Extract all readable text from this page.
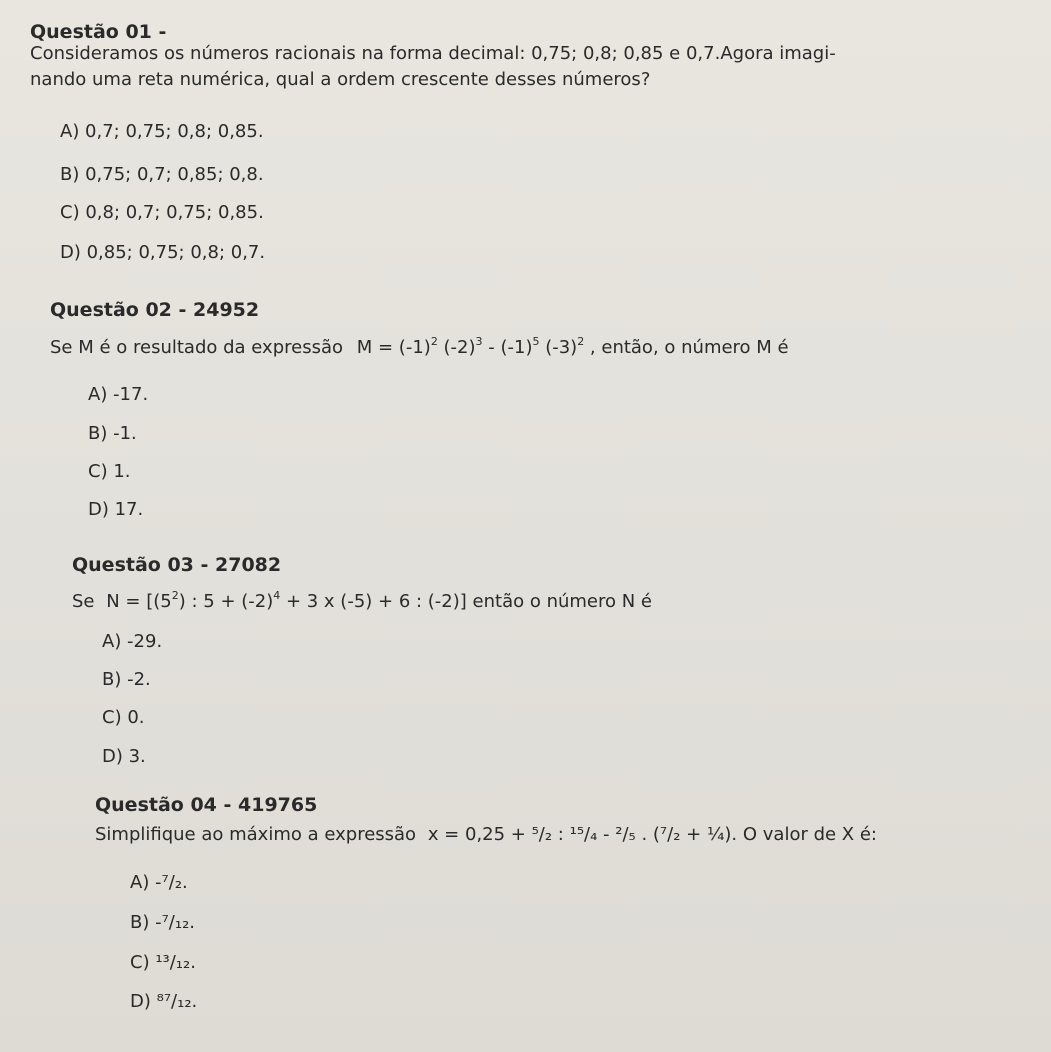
Questão 01 -
Consideramos os números racionais na forma decimal: 0,75; 0,8; 0,85 e 0,7.Agora imagi-
nando uma reta numérica, qual a ordem crescente desses números?
A) 0,7; 0,75; 0,8; 0,85.
B) 0,75; 0,7; 0,85; 0,8.
C) 0,8; 0,7; 0,75; 0,85.
D) 0,85; 0,75; 0,8; 0,7.
Questão 02 - 24952
Se M é o resultado da expressão $M = (-1)^2$ $(-2)^3 - (-1)^5$ $(-3)^2$ , então, o número M é
A) -17.
B) -1.
C) 1.
D) 17.
Questão 03 - 27082
Se $N = [(5^2)$ : $5 + (-2)^4 + 3$ x (-5) + 6 : (-2)] então o número N é
A) -29.
B) -2.
C) 0.
D) 3.
Questão 04 - 419765
Simplifique ao máximo a expressão x = 0,25 + ⁵/₂ : ¹⁵/₄ - ²/₅ . (⁷/₂ + ¼). O valor de X é:
A) -⁷/₂.
B) -⁷/₁₂.
C) ¹³/₁₂.
D) ⁸⁷/₁₂.
